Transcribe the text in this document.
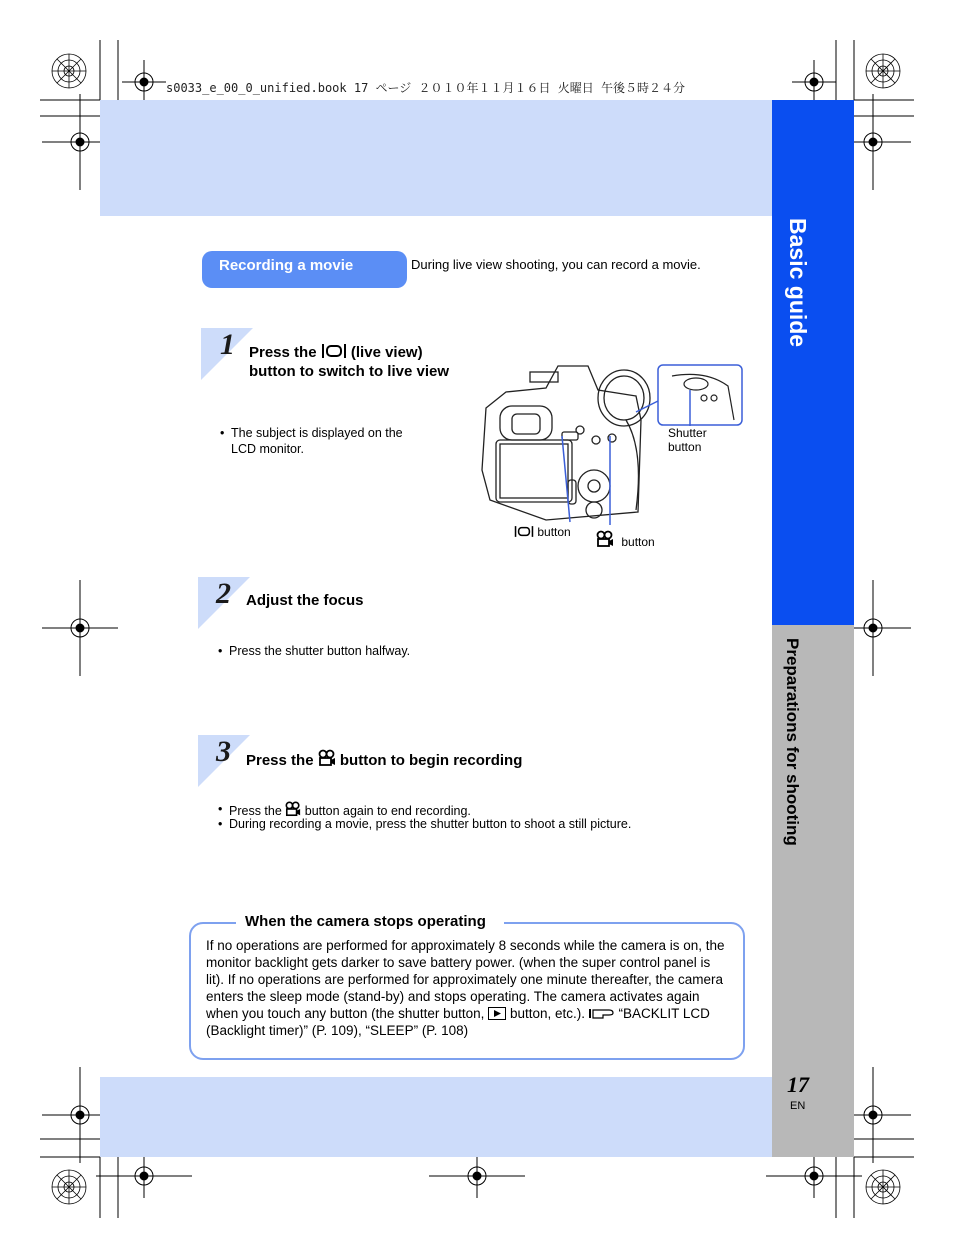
s0033_e_00_0_unified.book 17 ページ ２０１０年１１月１６日 火曜日 午後５時２４分
Basic guide
Preparations for shooting
Recording a movie	During live view shooting, you can record a movie.
1 Press the (live view) button to switch to live view
• The subject is displayed on the LCD monitor.
Shutter
button
button
button
2 Adjust the focus
• Press the shutter button halfway.
3 Press the button to begin recording
• Press the button again to end recording.
• During recording a movie, press the shutter button to shoot a still picture.
When the camera stops operating
If no operations are performed for approximately 8 seconds while the camera is on, the monitor backlight gets darker to save battery power. (when the super control panel is lit). If no operations are performed for approximately one minute thereafter, the camera enters the sleep mode (stand-by) and stops operating. The camera activates again when you touch any button (the shutter button, button, etc.). “BACKLIT LCD (Backlight timer)” (P. 109), “SLEEP” (P. 108)
17
EN
